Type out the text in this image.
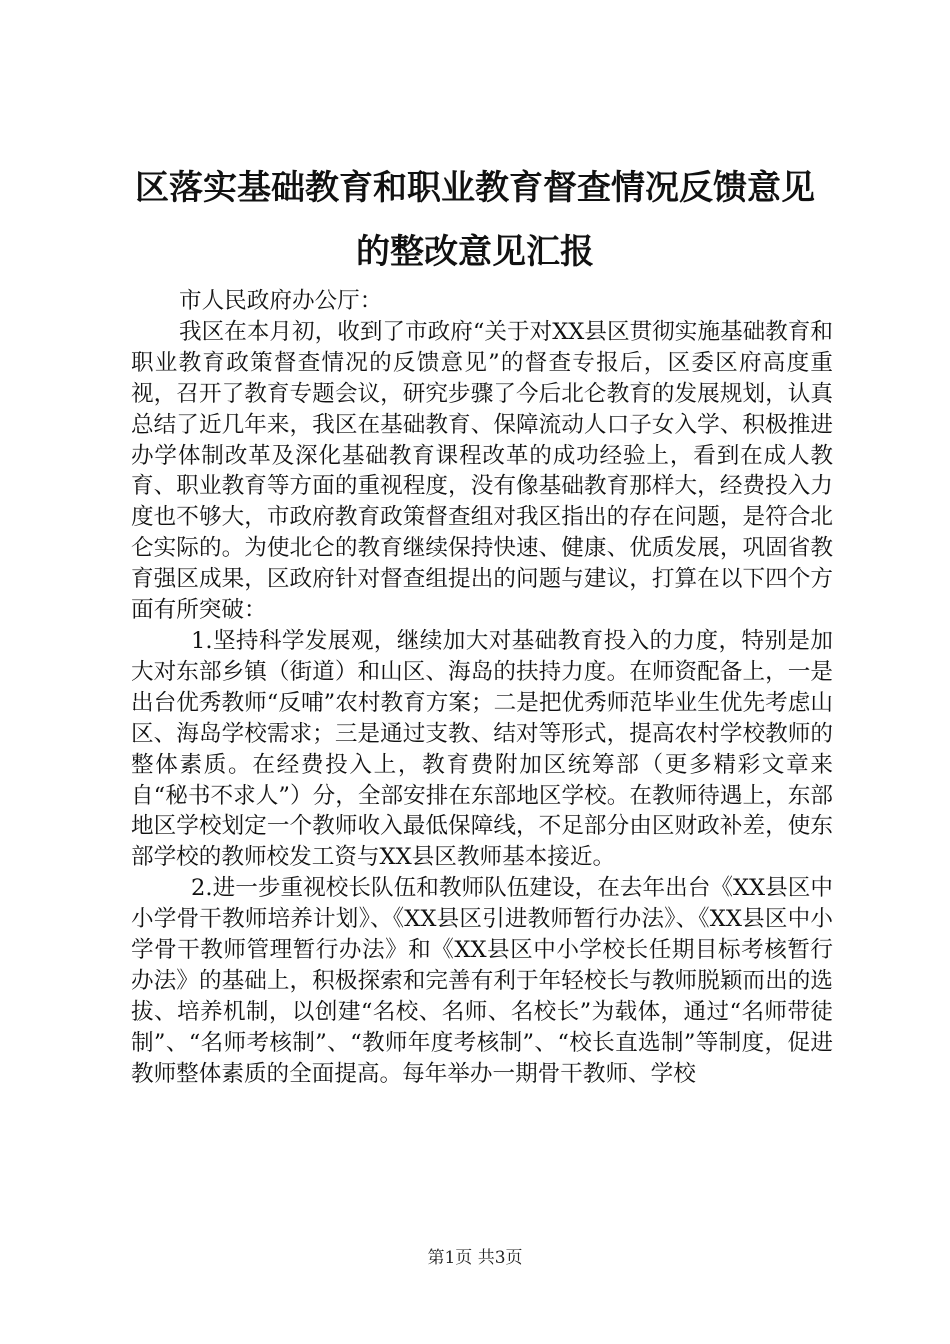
区落实基础教育和职业教育督查情况反馈意见的整改意见汇报

市人民政府办公厅：

我区在本月初，收到了市政府“关于对XX县区贯彻实施基础教育和职业教育政策督查情况的反馈意见”的督查专报后，区委区府高度重视，召开了教育专题会议，研究步骤了今后北仑教育的发展规划，认真总结了近几年来，我区在基础教育、保障流动人口子女入学、积极推进办学体制改革及深化基础教育课程改革的成功经验上，看到在成人教育、职业教育等方面的重视程度，没有像基础教育那样大，经费投入力度也不够大，市政府教育政策督查组对我区指出的存在问题，是符合北仑实际的。为使北仑的教育继续保持快速、健康、优质发展，巩固省教育强区成果，区政府针对督查组提出的问题与建议，打算在以下四个方面有所突破：

1.坚持科学发展观，继续加大对基础教育投入的力度，特别是加大对东部乡镇（街道）和山区、海岛的扶持力度。在师资配备上，一是出台优秀教师“反哺”农村教育方案；二是把优秀师范毕业生优先考虑山区、海岛学校需求；三是通过支教、结对等形式，提高农村学校教师的整体素质。在经费投入上，教育费附加区统筹部（更多精彩文章来自“秘书不求人”）分，全部安排在东部地区学校。在教师待遇上，东部地区学校划定一个教师收入最低保障线，不足部分由区财政补差，使东部学校的教师校发工资与XX县区教师基本接近。

2.进一步重视校长队伍和教师队伍建设，在去年出台《XX县区中小学骨干教师培养计划》、《XX县区引进教师暂行办法》、《XX县区中小学骨干教师管理暂行办法》和《XX县区中小学校长任期目标考核暂行办法》的基础上，积极探索和完善有利于年轻校长与教师脱颖而出的选拔、培养机制，以创建“名校、名师、名校长”为载体，通过“名师带徒制”、“名师考核制”、“教师年度考核制”、“校长直选制”等制度，促进教师整体素质的全面提高。每年举办一期骨干教师、学校

第1页 共3页
